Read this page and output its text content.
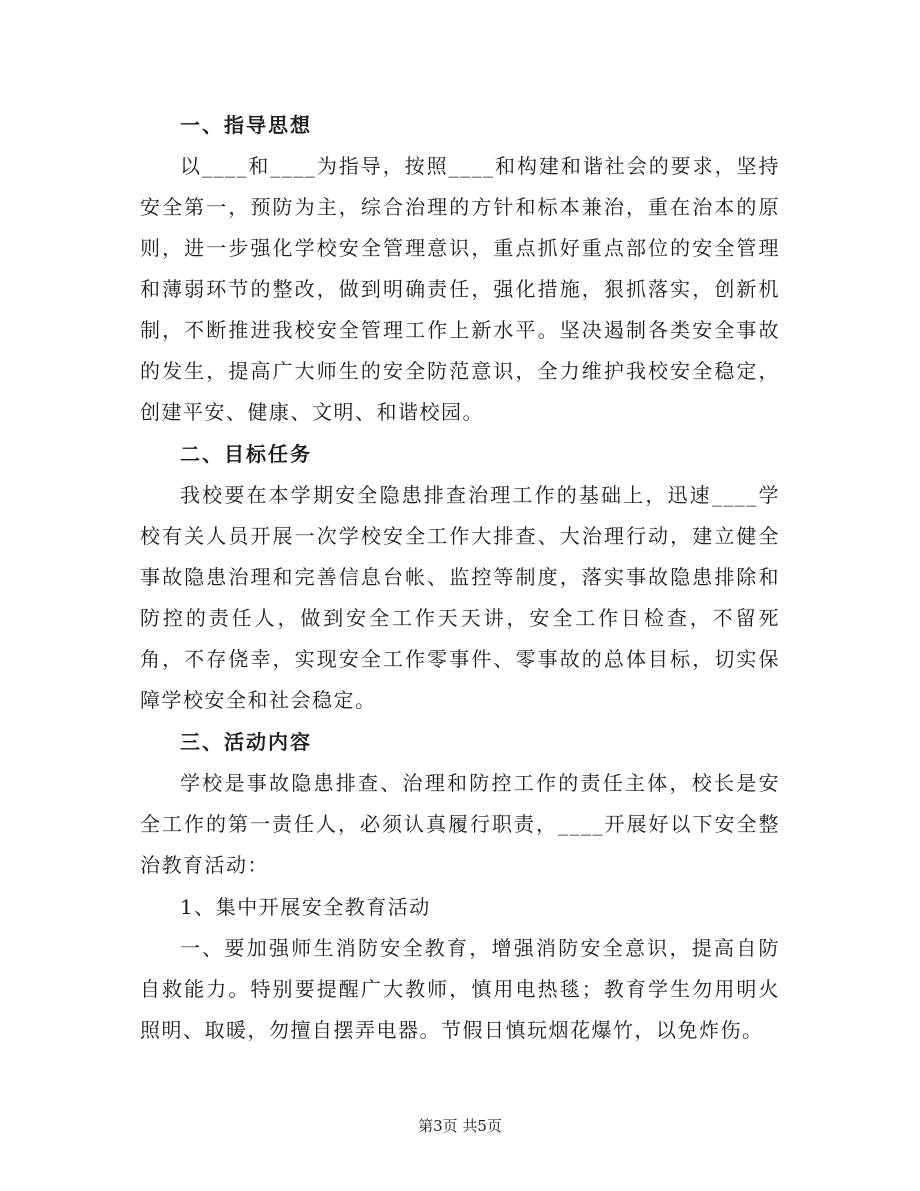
一、指导思想

以____和____为指导，按照____和构建和谐社会的要求，坚持安全第一，预防为主，综合治理的方针和标本兼治，重在治本的原则，进一步强化学校安全管理意识，重点抓好重点部位的安全管理和薄弱环节的整改，做到明确责任，强化措施，狠抓落实，创新机制，不断推进我校安全管理工作上新水平。坚决遏制各类安全事故的发生，提高广大师生的安全防范意识，全力维护我校安全稳定，创建平安、健康、文明、和谐校园。

二、目标任务

我校要在本学期安全隐患排查治理工作的基础上，迅速____学校有关人员开展一次学校安全工作大排查、大治理行动，建立健全事故隐患治理和完善信息台帐、监控等制度，落实事故隐患排除和防控的责任人，做到安全工作天天讲，安全工作日检查，不留死角，不存侥幸，实现安全工作零事件、零事故的总体目标，切实保障学校安全和社会稳定。

三、活动内容

学校是事故隐患排查、治理和防控工作的责任主体，校长是安全工作的第一责任人，必须认真履行职责，____开展好以下安全整治教育活动：

1、集中开展安全教育活动

一、要加强师生消防安全教育，增强消防安全意识，提高自防自救能力。特别要提醒广大教师，慎用电热毯；教育学生勿用明火照明、取暖，勿擅自摆弄电器。节假日慎玩烟花爆竹，以免炸伤。

第3页 共5页
